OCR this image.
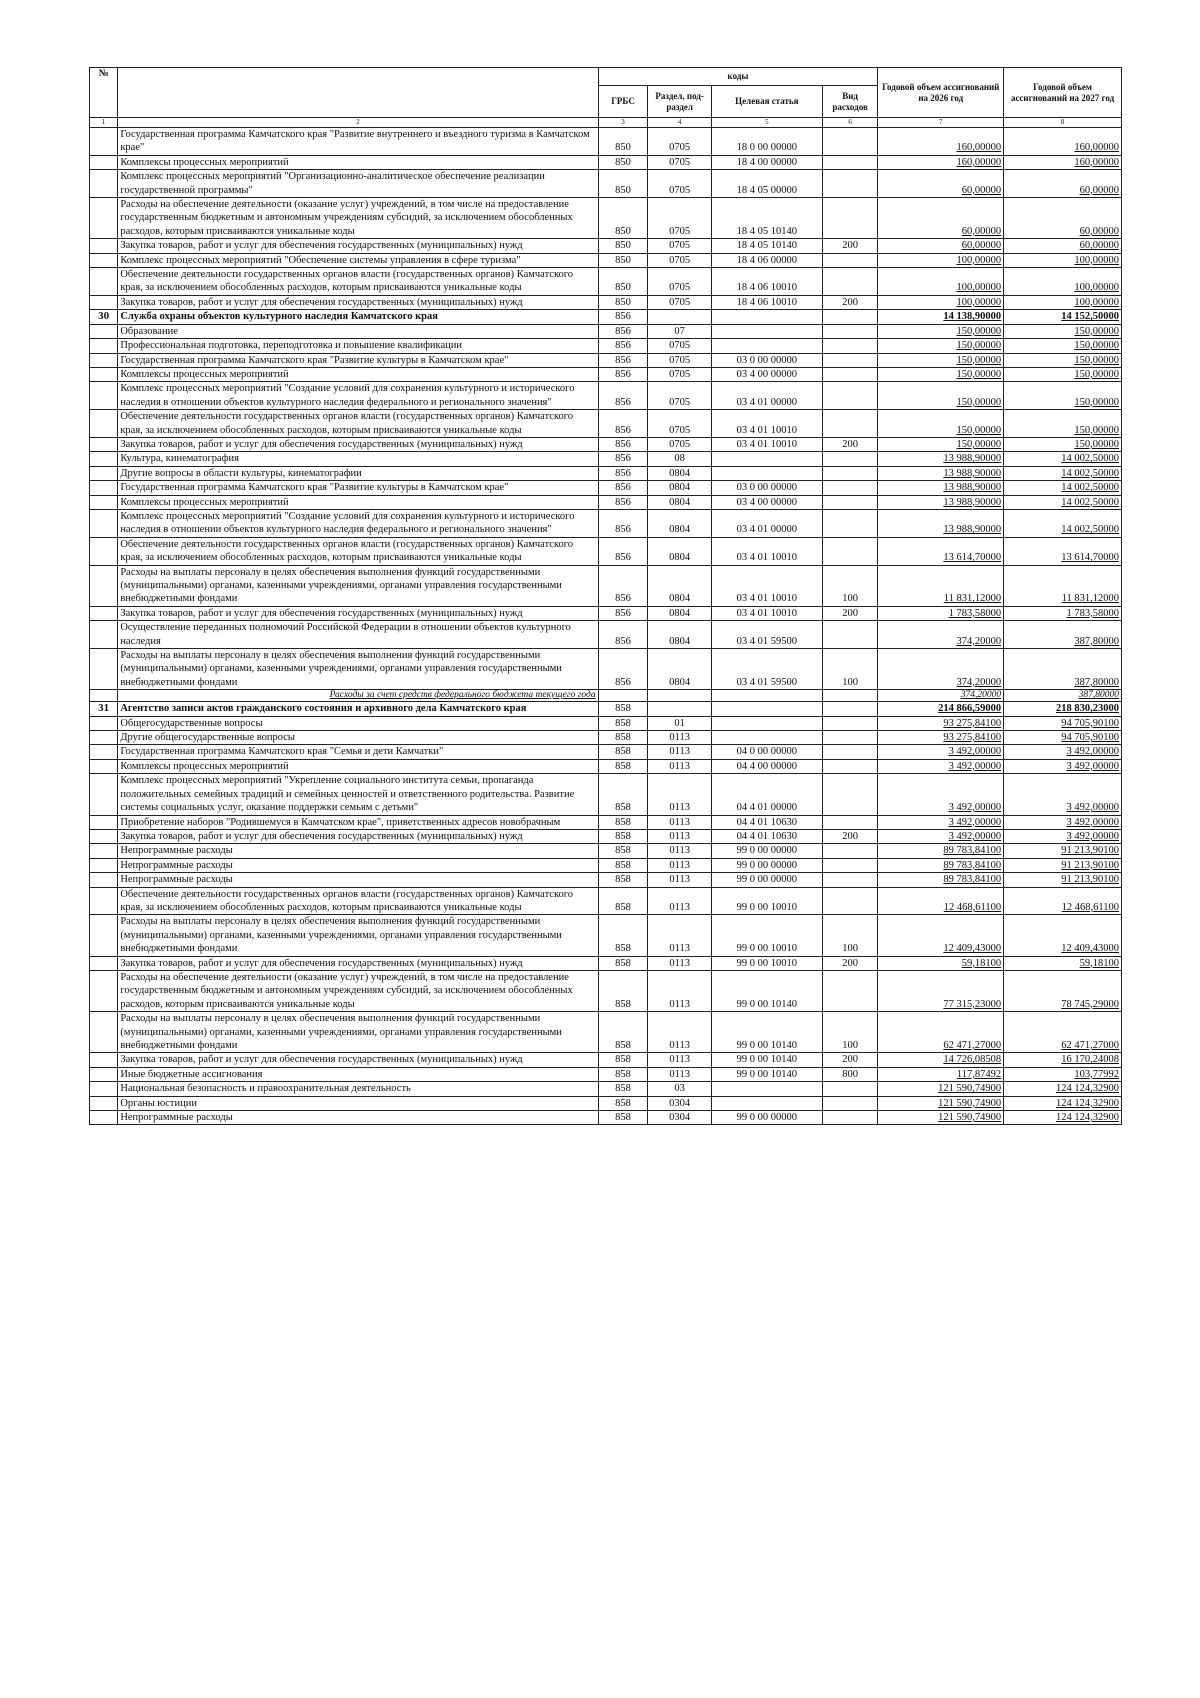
№		коды				Годовой объем ассигнований на 2026 год	Годовой объем ассигнований на 2027 год
		ГРБС	Раздел, под-раздел	Целевая статья	Вид расходов		
1	2	3	4	5	6	7	8
	Государственная программа Камчатского края "Развитие внутреннего и въездного туризма в Камчатском крае"	850	0705	18 0 00 00000		160,00000	160,00000
	Комплексы процессных мероприятий	850	0705	18 4 00 00000		160,00000	160,00000
	Комплекс процессных мероприятий "Организационно-аналитическое обеспечение реализации государственной программы"	850	0705	18 4 05 00000		60,00000	60,00000
	Расходы на обеспечение деятельности (оказание услуг) учреждений, в том числе на предоставление государственным бюджетным и автономным учреждениям субсидий, за исключением обособленных расходов, которым присваиваются уникальные коды	850	0705	18 4 05 10140		60,00000	60,00000
	Закупка товаров, работ и услуг для обеспечения государственных (муниципальных) нужд	850	0705	18 4 05 10140	200	60,00000	60,00000
	Комплекс процессных мероприятий "Обеспечение системы управления в сфере туризма"	850	0705	18 4 06 00000		100,00000	100,00000
	Обеспечение деятельности государственных органов власти (государственных органов) Камчатского края, за исключением обособленных расходов, которым присваиваются уникальные коды	850	0705	18 4 06 10010		100,00000	100,00000
	Закупка товаров, работ и услуг для обеспечения государственных (муниципальных) нужд	850	0705	18 4 06 10010	200	100,00000	100,00000
30	Служба охраны объектов культурного наследия Камчатского края	856				14 138,90000	14 152,50000
	Образование	856	07			150,00000	150,00000
	Профессиональная подготовка, переподготовка и повышение квалификации	856	0705			150,00000	150,00000
	Государственная программа Камчатского края "Развитие культуры в Камчатском крае"	856	0705	03 0 00 00000		150,00000	150,00000
	Комплексы процессных мероприятий	856	0705	03 4 00 00000		150,00000	150,00000
	Комплекс процессных мероприятий "Создание условий для сохранения культурного и исторического наследия в отношении объектов культурного наследия федерального и регионального значения"	856	0705	03 4 01 00000		150,00000	150,00000
	Обеспечение деятельности государственных органов власти (государственных органов) Камчатского края, за исключением обособленных расходов, которым присваиваются уникальные коды	856	0705	03 4 01 10010		150,00000	150,00000
	Закупка товаров, работ и услуг для обеспечения государственных (муниципальных) нужд	856	0705	03 4 01 10010	200	150,00000	150,00000
	Культура, кинематография	856	08			13 988,90000	14 002,50000
	Другие вопросы в области культуры, кинематографии	856	0804			13 988,90000	14 002,50000
	Государственная программа Камчатского края "Развитие культуры в Камчатском крае"	856	0804	03 0 00 00000		13 988,90000	14 002,50000
	Комплексы процессных мероприятий	856	0804	03 4 00 00000		13 988,90000	14 002,50000
	Комплекс процессных мероприятий "Создание условий для сохранения культурного и исторического наследия в отношении объектов культурного наследия федерального и регионального значения"	856	0804	03 4 01 00000		13 988,90000	14 002,50000
	Обеспечение деятельности государственных органов власти (государственных органов) Камчатского края, за исключением обособленных расходов, которым присваиваются уникальные коды	856	0804	03 4 01 10010		13 614,70000	13 614,70000
	Расходы на выплаты персоналу в целях обеспечения выполнения функций государственными (муниципальными) органами, казенными учреждениями, органами управления государственными внебюджетными фондами	856	0804	03 4 01 10010	100	11 831,12000	11 831,12000
	Закупка товаров, работ и услуг для обеспечения государственных (муниципальных) нужд	856	0804	03 4 01 10010	200	1 783,58000	1 783,58000
	Осуществление переданных полномочий Российской Федерации в отношении объектов культурного наследия	856	0804	03 4 01 59500		374,20000	387,80000
	Расходы на выплаты персоналу в целях обеспечения выполнения функций государственными (муниципальными) органами, казенными учреждениями, органами управления государственными внебюджетными фондами	856	0804	03 4 01 59500	100	374,20000	387,80000
	Расходы за счет средств федерального бюджета текущего года					374,20000	387,80000
31	Агентство записи актов гражданского состояния и архивного дела Камчатского края	858				214 866,59000	218 830,23000
	Общегосударственные вопросы	858	01			93 275,84100	94 705,90100
	Другие общегосударственные вопросы	858	0113			93 275,84100	94 705,90100
	Государственная программа Камчатского края "Семья и дети Камчатки"	858	0113	04 0 00 00000		3 492,00000	3 492,00000
	Комплексы процессных мероприятий	858	0113	04 4 00 00000		3 492,00000	3 492,00000
	Комплекс процессных мероприятий "Укрепление социального института семьи, пропаганда положительных семейных традиций и семейных ценностей и ответственного родительства. Развитие системы социальных услуг, оказание поддержки семьям с детьми"	858	0113	04 4 01 00000		3 492,00000	3 492,00000
	Приобретение наборов "Родившемуся в Камчатском крае", приветственных адресов новобрачным	858	0113	04 4 01 10630		3 492,00000	3 492,00000
	Закупка товаров, работ и услуг для обеспечения государственных (муниципальных) нужд	858	0113	04 4 01 10630	200	3 492,00000	3 492,00000
	Непрограммные расходы	858	0113	99 0 00 00000		89 783,84100	91 213,90100
	Непрограммные расходы	858	0113	99 0 00 00000		89 783,84100	91 213,90100
	Непрограммные расходы	858	0113	99 0 00 00000		89 783,84100	91 213,90100
	Обеспечение деятельности государственных органов власти (государственных органов) Камчатского края, за исключением обособленных расходов, которым присваиваются уникальные коды	858	0113	99 0 00 10010		12 468,61100	12 468,61100
	Расходы на выплаты персоналу в целях обеспечения выполнения функций государственными (муниципальными) органами, казенными учреждениями, органами управления государственными внебюджетными фондами	858	0113	99 0 00 10010	100	12 409,43000	12 409,43000
	Закупка товаров, работ и услуг для обеспечения государственных (муниципальных) нужд	858	0113	99 0 00 10010	200	59,18100	59,18100
	Расходы на обеспечение деятельности (оказание услуг) учреждений, в том числе на предоставление государственным бюджетным и автономным учреждениям субсидий, за исключением обособленных расходов, которым присваиваются уникальные коды	858	0113	99 0 00 10140		77 315,23000	78 745,29000
	Расходы на выплаты персоналу в целях обеспечения выполнения функций государственными (муниципальными) органами, казенными учреждениями, органами управления государственными внебюджетными фондами	858	0113	99 0 00 10140	100	62 471,27000	62 471,27000
	Закупка товаров, работ и услуг для обеспечения государственных (муниципальных) нужд	858	0113	99 0 00 10140	200	14 726,08508	16 170,24008
	Иные бюджетные ассигнования	858	0113	99 0 00 10140	800	117,87492	103,77992
	Национальная безопасность и правоохранительная деятельность	858	03			121 590,74900	124 124,32900
	Органы юстиции	858	0304			121 590,74900	124 124,32900
	Непрограммные расходы	858	0304	99 0 00 00000		121 590,74900	124 124,32900
